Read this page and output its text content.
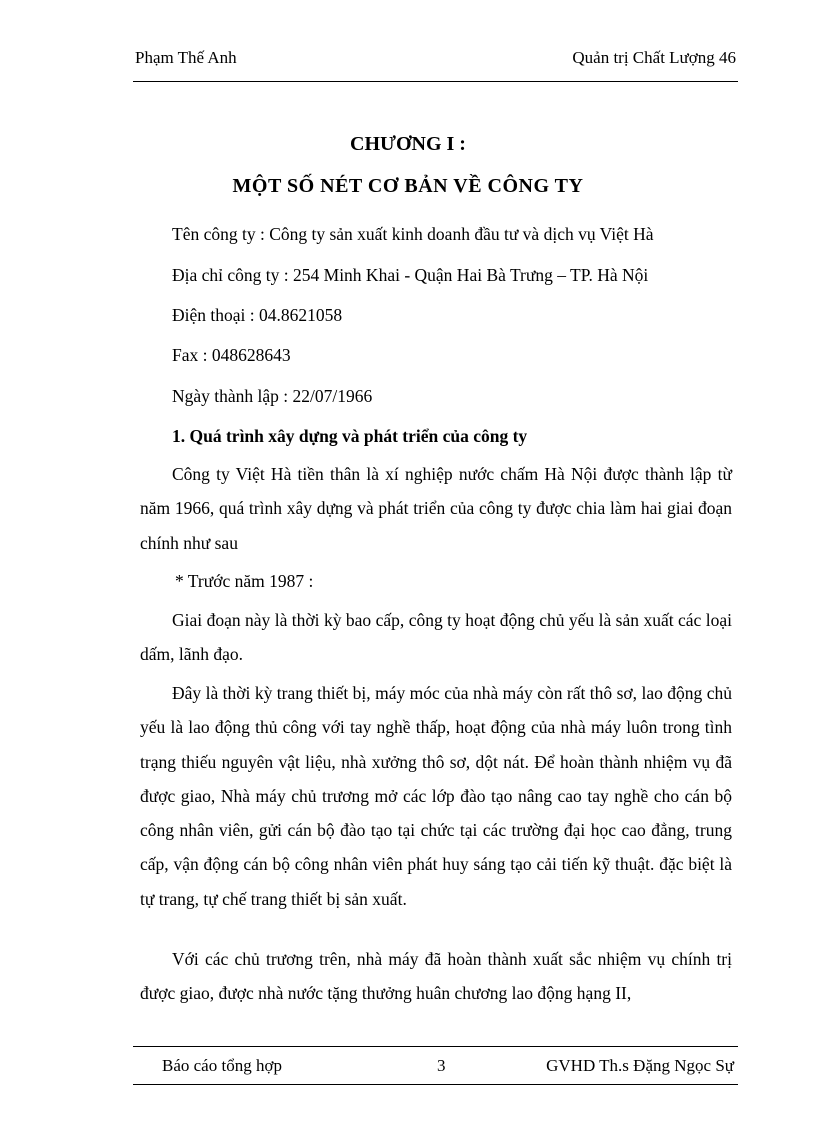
Phạm Thế Anh	Quản trị Chất Lượng 46
CHƯƠNG I :
MỘT SỐ NÉT CƠ BẢN VỀ CÔNG TY
Tên công ty : Công ty sản xuất kinh doanh đầu tư và dịch vụ Việt Hà
Địa chỉ công ty : 254 Minh Khai - Quận Hai Bà Trưng – TP. Hà Nội
Điện thoại : 04.8621058
Fax : 048628643
Ngày thành lập : 22/07/1966
1. Quá trình xây dựng và phát triển của công ty
Công ty Việt Hà tiền thân là xí nghiệp nước chấm Hà Nội được thành lập từ năm 1966, quá trình xây dựng và phát triển của công ty được chia làm hai giai đoạn chính như sau
* Trước năm 1987 :
Giai đoạn này là thời kỳ bao cấp, công ty hoạt động chủ yếu là sản xuất các loại dấm, lãnh đạo.
Đây là thời kỳ trang thiết bị, máy móc của nhà máy còn rất thô sơ, lao động chủ yếu là lao động thủ công với tay nghề thấp, hoạt động của nhà máy luôn trong tình trạng thiếu nguyên vật liệu, nhà xưởng thô sơ, dột nát. Để hoàn thành nhiệm vụ đã được giao, Nhà máy chủ trương mở các lớp đào tạo nâng cao tay nghề cho cán bộ công nhân viên, gửi cán bộ đào tạo tại chức tại các trường đại học cao đẳng, trung cấp, vận động cán bộ công nhân viên phát huy sáng tạo cải tiến kỹ thuật. đặc biệt là tự trang, tự chế trang thiết bị sản xuất.
Với các chủ trương trên, nhà máy đã hoàn thành xuất sắc nhiệm vụ chính trị được giao, được nhà nước tặng thưởng huân chương lao động hạng II,
Báo cáo tổng hợp	3	GVHD Th.s Đặng Ngọc Sự
